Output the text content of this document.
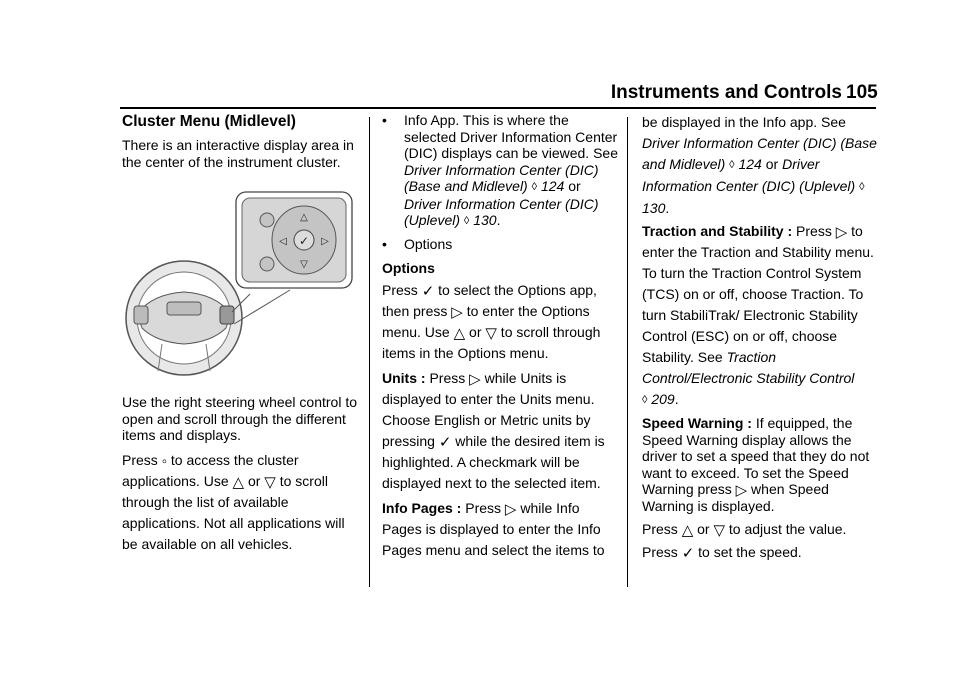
Instruments and Controls 105
Cluster Menu (Midlevel)

There is an interactive display area in the center of the instrument cluster.

✓
△
▽
◁	▷

Use the right steering wheel control to open and scroll through the different items and displays.

Press ◦ to access the cluster applications. Use △ or ▽ to scroll through the list of available applications. Not all applications will be available on all vehicles.

•	Info App. This is where the selected Driver Information Center (DIC) displays can be viewed. See Driver Information Center (DIC) (Base and Midlevel) ◊ 124 or
Driver Information Center (DIC) (Uplevel) ◊ 130.

•	Options

Options

Press ✓ to select the Options app, then press ▷ to enter the Options menu. Use △ or ▽ to scroll through items in the Options menu.

Units : Press ▷ while Units is displayed to enter the Units menu. Choose English or Metric units by pressing ✓ while the desired item is highlighted. A checkmark will be displayed next to the selected item.

Info Pages : Press ▷ while Info Pages is displayed to enter the Info Pages menu and select the items to

be displayed in the Info app. See Driver Information Center (DIC) (Base and Midlevel) ◊ 124 or Driver Information Center (DIC) (Uplevel) ◊ 130.

Traction and Stability : Press ▷ to enter the Traction and Stability menu. To turn the Traction Control System (TCS) on or off, choose Traction. To turn StabiliTrak/ Electronic Stability Control (ESC) on or off, choose Stability. See Traction Control/Electronic Stability Control
◊ 209.

Speed Warning : If equipped, the Speed Warning display allows the driver to set a speed that they do not want to exceed. To set the Speed Warning press ▷ when Speed Warning is displayed.

Press △ or ▽ to adjust the value.

Press ✓ to set the speed.
